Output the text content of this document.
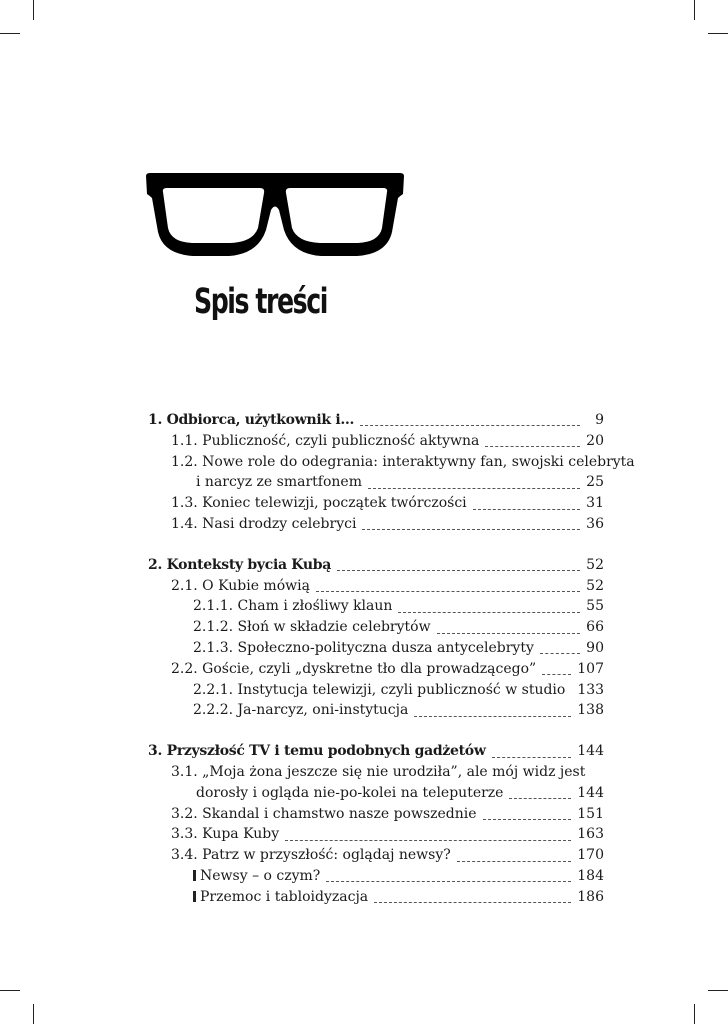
Spis treści
1. Odbiorca, użytkownik i…	9
1.1. Publiczność, czyli publiczność aktywna	20
1.2. Nowe role do odegrania: interaktywny fan, swojski celebryta
i narcyz ze smartfonem	25
1.3. Koniec telewizji, początek twórczości	31
1.4. Nasi drodzy celebryci	36
2. Konteksty bycia Kubą	52
2.1. O Kubie mówią	52
2.1.1. Cham i złośliwy klaun	55
2.1.2. Słoń w składzie celebrytów	66
2.1.3. Społeczno-polityczna dusza antycelebryty	90
2.2. Goście, czyli „dyskretne tło dla prowadzącego”	107
2.2.1. Instytucja telewizji, czyli publiczność w studio 133
2.2.2. Ja-narcyz, oni-instytucja	138
3. Przyszłość TV i temu podobnych gadżetów	144
3.1. „Moja żona jeszcze się nie urodziła”, ale mój widz jest
dorosły i ogląda nie-po-kolei na teleputerze	144
3.2. Skandal i chamstwo nasze powszednie	151
3.3. Kupa Kuby	163
3.4. Patrz w przyszłość: oglądaj newsy?	170
Newsy – o czym?	184
Przemoc i tabloidyzacja	186
